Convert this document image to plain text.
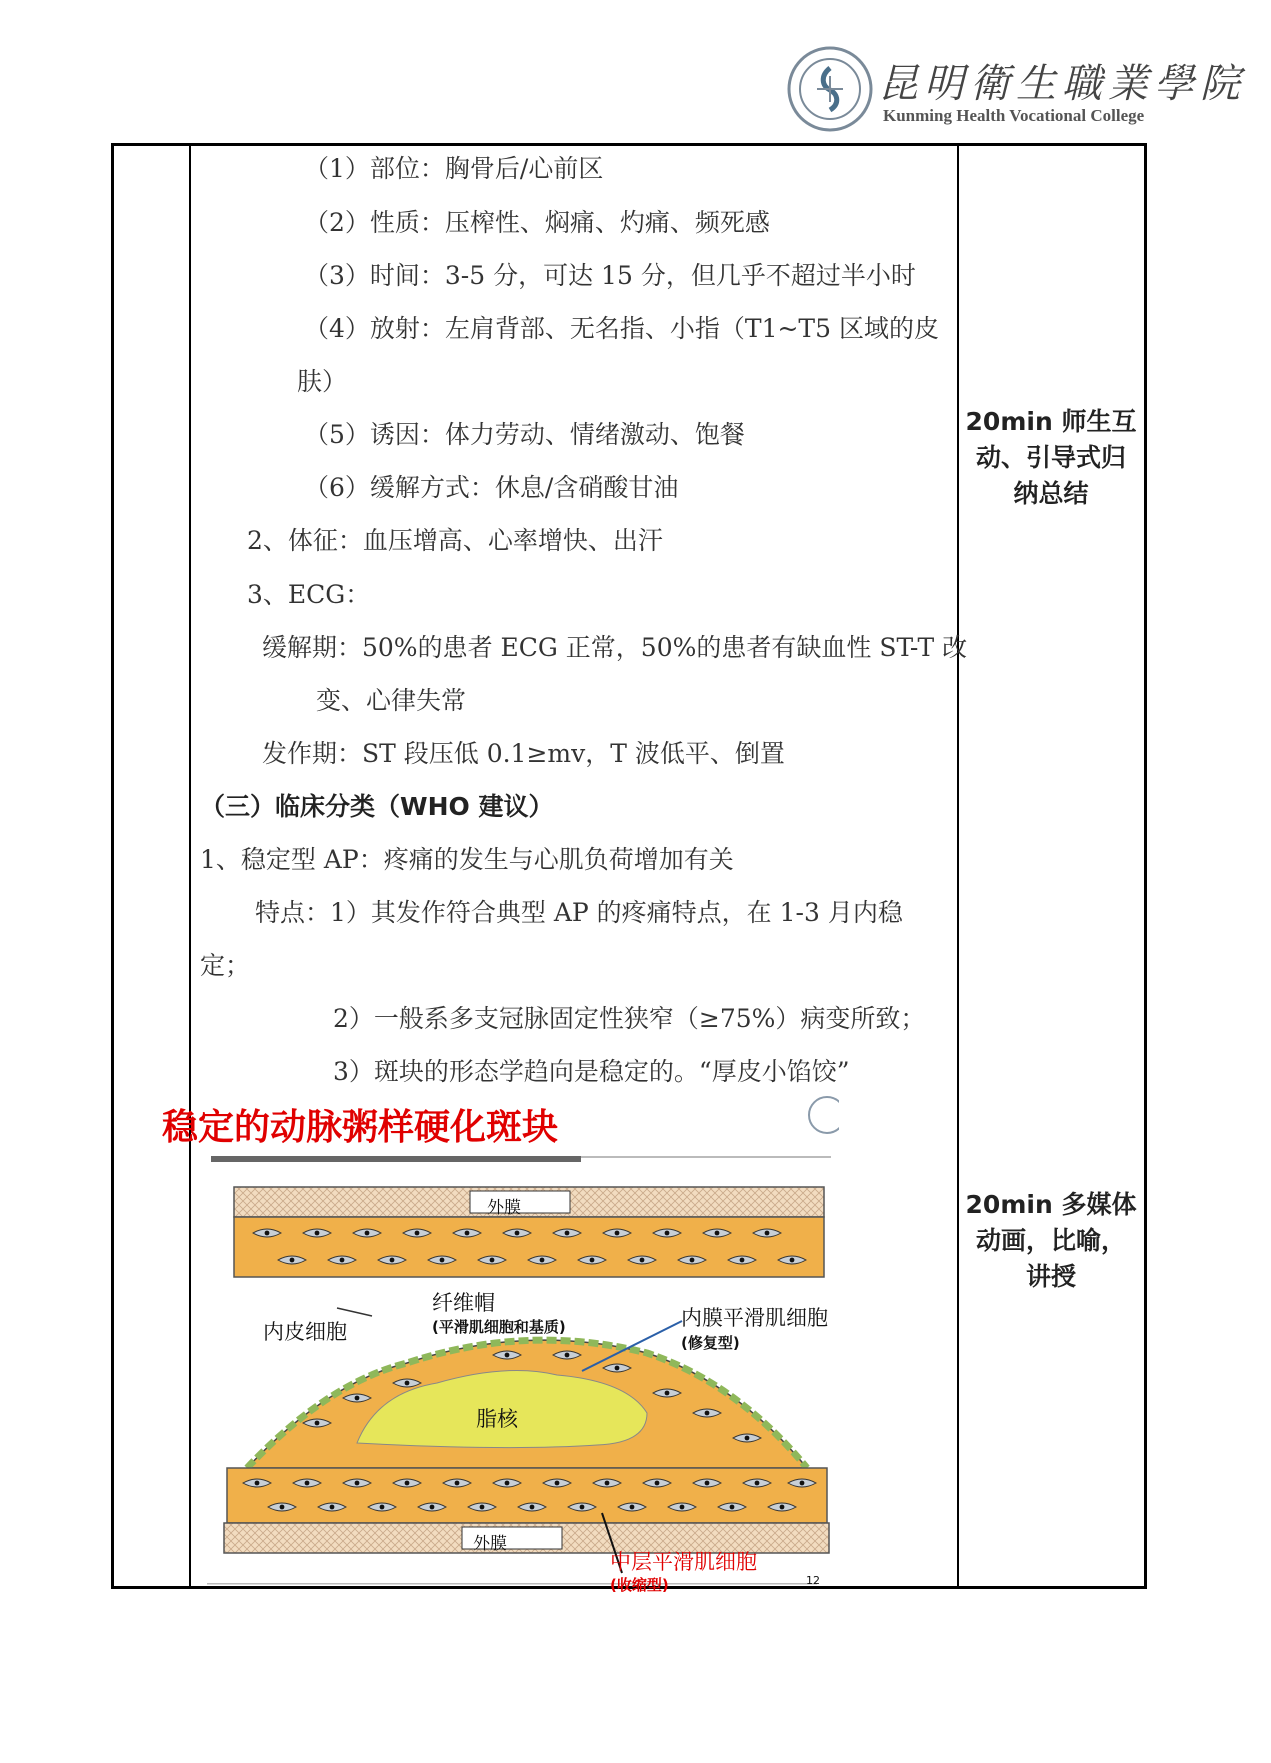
昆明衛生職業學院
Kunming Health Vocational College
（1）部位：胸骨后/心前区
（2）性质：压榨性、焖痛、灼痛、频死感
（3）时间：3-5 分，可达 15 分，但几乎不超过半小时
（4）放射：左肩背部、无名指、小指（T1~T5 区域的皮
肤）
（5）诱因：体力劳动、情绪激动、饱餐
（6）缓解方式：休息/含硝酸甘油
2、体征：血压增高、心率增快、出汗
3、ECG：
缓解期：50%的患者 ECG 正常，50%的患者有缺血性 ST-T 改
变、心律失常
发作期：ST 段压低 0.1≥mv，T 波低平、倒置
（三）临床分类（WHO 建议）
1、稳定型 AP：疼痛的发生与心肌负荷增加有关
特点：1）其发作符合典型 AP 的疼痛特点，在 1-3 月内稳
定；
2）一般系多支冠脉固定性狭窄（≥75%）病变所致；
3）斑块的形态学趋向是稳定的。“厚皮小馅饺”
20min 师生互
动、引导式归
纳总结
20min 多媒体
动画，比喻，
讲授
稳定的动脉粥样硬化斑块
外膜
外膜
纤维帽
(平滑肌细胞和基质)
内皮细胞
内膜平滑肌细胞
(修复型)
脂核
中层平滑肌细胞
(收缩型)	12
